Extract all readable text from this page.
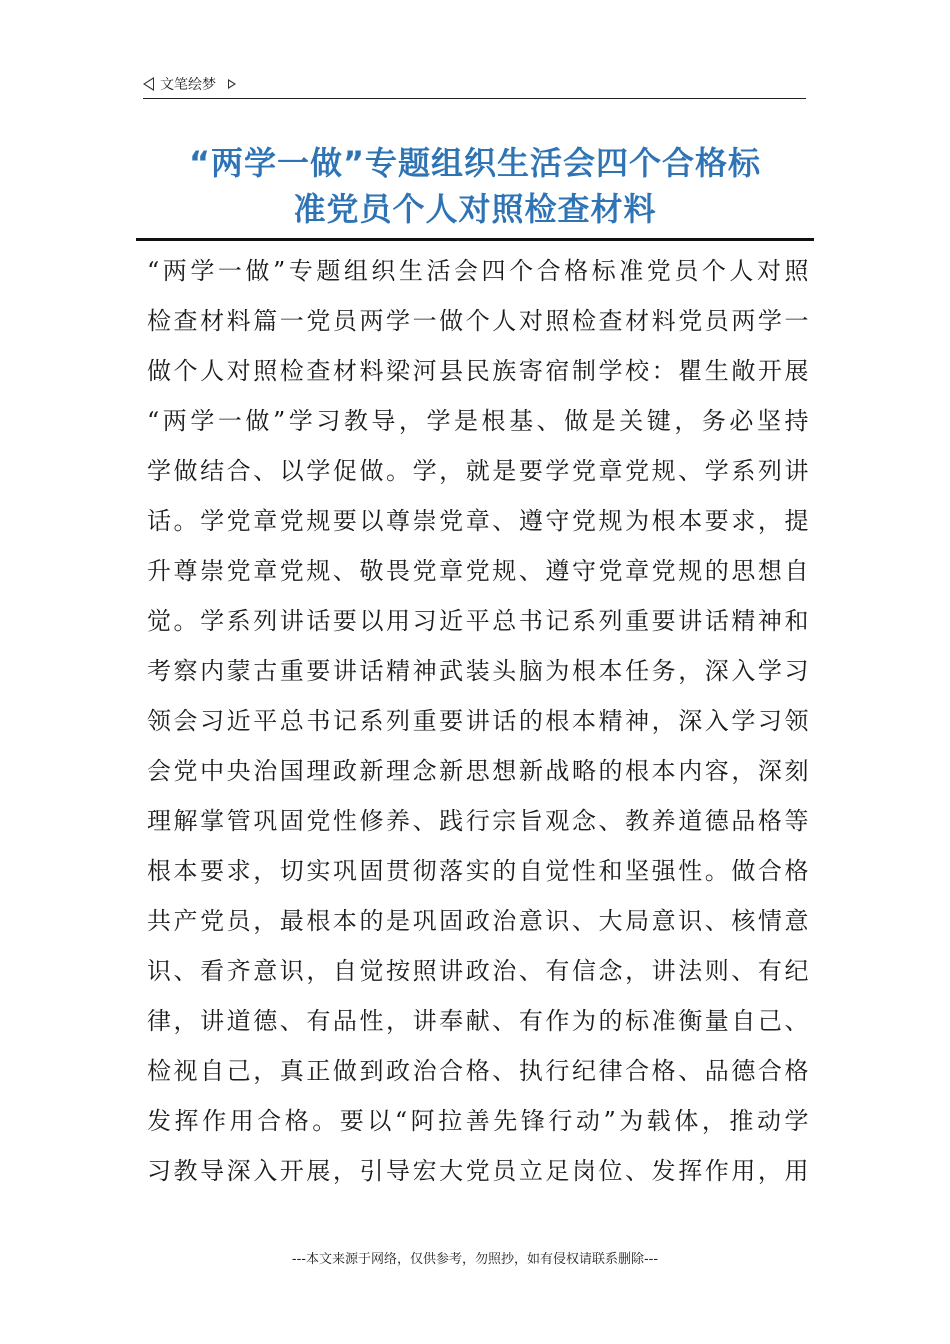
文笔绘梦
“两学一做”专题组织生活会四个合格标
准党员个人对照检查材料
“两学一做”专题组织生活会四个合格标准党员个人对照
检查材料篇一党员两学一做个人对照检查材料党员两学一
做个人对照检查材料梁河县民族寄宿制学校：瞿生敞开展
“两学一做”学习教导，学是根基、做是关键，务必坚持
学做结合、以学促做。学，就是要学党章党规、学系列讲
话。学党章党规要以尊崇党章、遵守党规为根本要求，提
升尊崇党章党规、敬畏党章党规、遵守党章党规的思想自
觉。学系列讲话要以用习近平总书记系列重要讲话精神和
考察内蒙古重要讲话精神武装头脑为根本任务，深入学习
领会习近平总书记系列重要讲话的根本精神，深入学习领
会党中央治国理政新理念新思想新战略的根本内容，深刻
理解掌管巩固党性修养、践行宗旨观念、教养道德品格等
根本要求，切实巩固贯彻落实的自觉性和坚强性。做合格
共产党员，最根本的是巩固政治意识、大局意识、核情意
识、看齐意识，自觉按照讲政治、有信念，讲法则、有纪
律，讲道德、有品性，讲奉献、有作为的标准衡量自己、
检视自己，真正做到政治合格、执行纪律合格、品德合格
发挥作用合格。要以“阿拉善先锋行动”为载体，推动学
习教导深入开展，引导宏大党员立足岗位、发挥作用，用
---本文来源于网络，仅供参考，勿照抄，如有侵权请联系删除---
